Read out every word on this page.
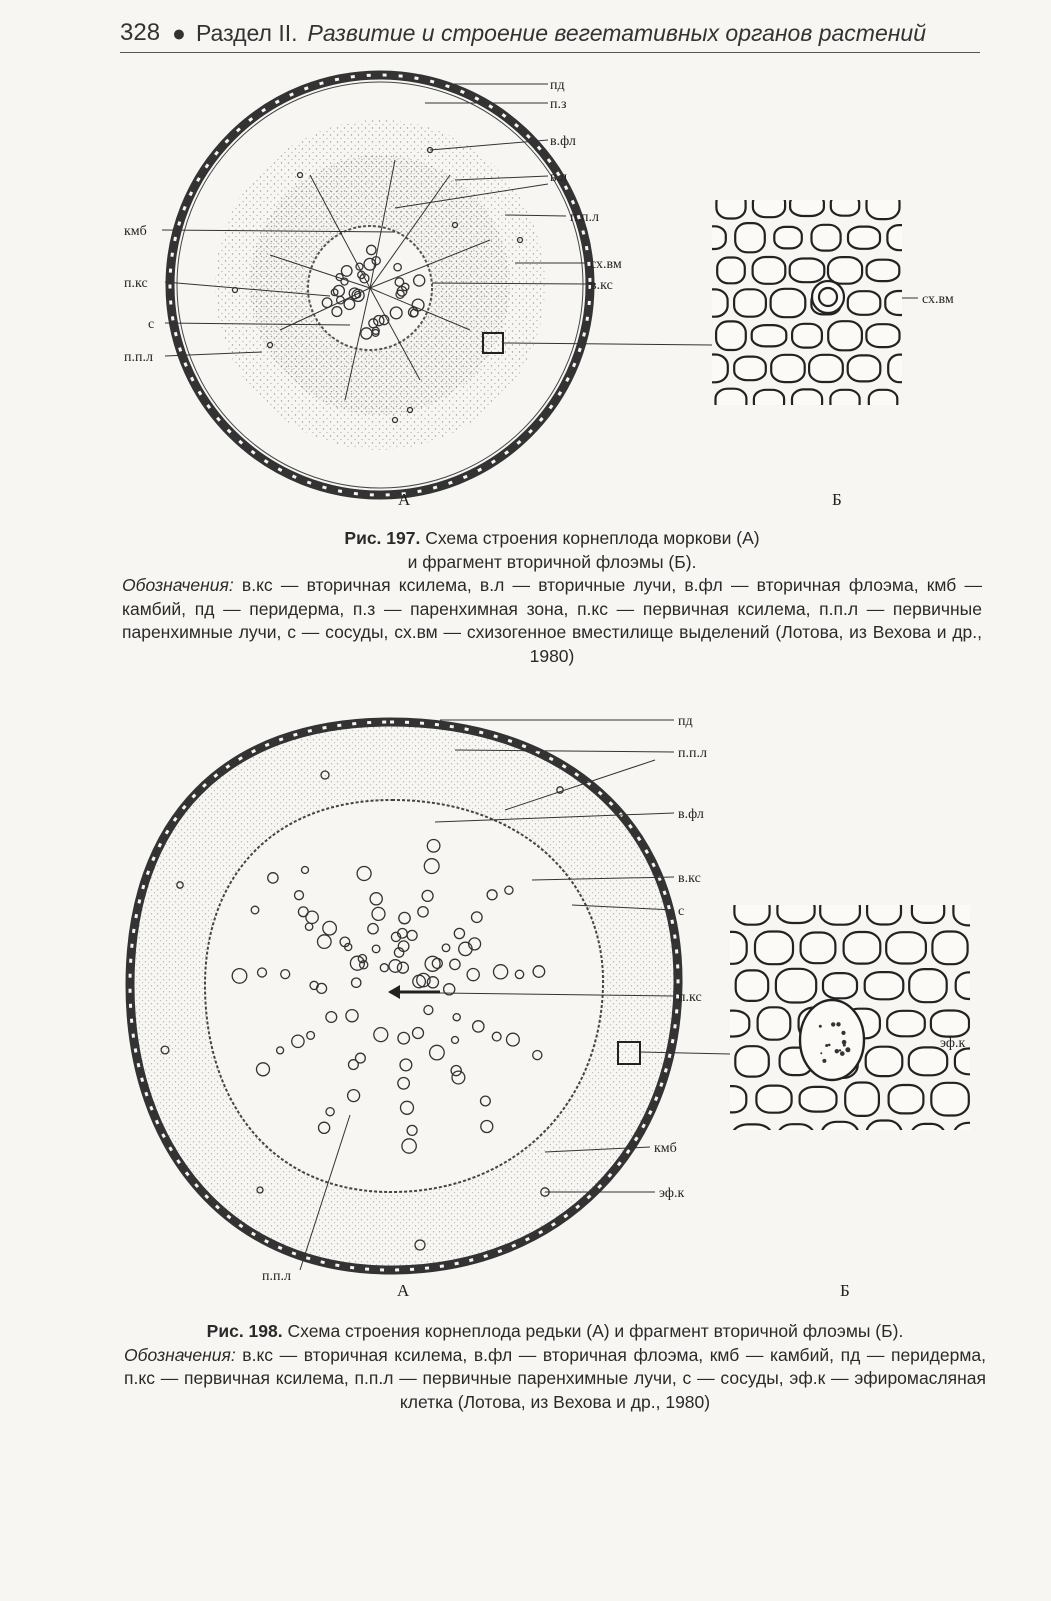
328 ● Раздел II. Развитие и строение вегетативных органов растений
пд
п.з
в.фл
в.л
п.п.л
сх.вм
в.кс
кмб
п.кс
с
п.п.л
сх.вм
А	Б
Рис. 197. Схема строения корнеплода моркови (А)
и фрагмент вторичной флоэмы (Б).
Обозначения: в.кс — вторичная ксилема, в.л — вторичные лучи, в.фл — вторичная флоэма, кмб — камбий, пд — перидерма, п.з — паренхимная зона, п.кс — первичная ксилема, п.п.л — первичные паренхимные лучи, с — сосуды, сх.вм — схизогенное вместилище выделений (Лотова, из Вехова и др., 1980)
пд
п.п.л
в.фл
в.кс
с
п.кс
эф.к
кмб
эф.к
п.п.л
А	Б
Рис. 198. Схема строения корнеплода редьки (А) и фрагмент вторичной флоэмы (Б).
Обозначения: в.кс — вторичная ксилема, в.фл — вторичная флоэма, кмб — камбий, пд — перидерма, п.кс — первичная ксилема, п.п.л — первичные паренхимные лучи, с — сосуды, эф.к — эфиромасляная клетка (Лотова, из Вехова и др., 1980)
